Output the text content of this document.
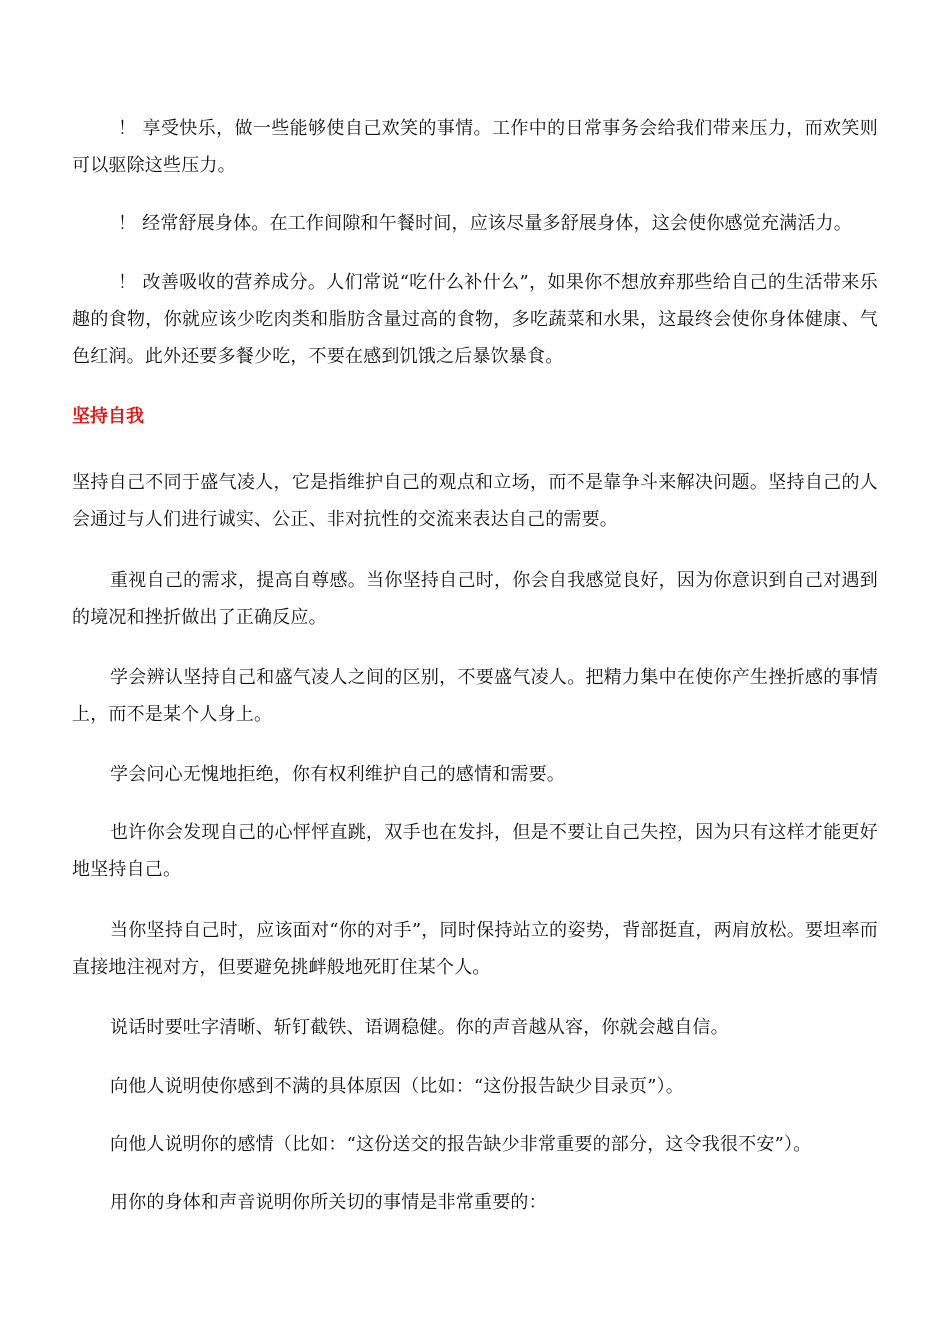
！ 享受快乐，做一些能够使自己欢笑的事情。工作中的日常事务会给我们带来压力，而欢笑则可以驱除这些压力。

！ 经常舒展身体。在工作间隙和午餐时间，应该尽量多舒展身体，这会使你感觉充满活力。

！ 改善吸收的营养成分。人们常说“吃什么补什么”，如果你不想放弃那些给自己的生活带来乐趣的食物，你就应该少吃肉类和脂肪含量过高的食物，多吃蔬菜和水果，这最终会使你身体健康、气色红润。此外还要多餐少吃，不要在感到饥饿之后暴饮暴食。

坚持自我

坚持自己不同于盛气凌人，它是指维护自己的观点和立场，而不是靠争斗来解决问题。坚持自己的人会通过与人们进行诚实、公正、非对抗性的交流来表达自己的需要。

重视自己的需求，提高自尊感。当你坚持自己时，你会自我感觉良好，因为你意识到自己对遇到的境况和挫折做出了正确反应。

学会辨认坚持自己和盛气凌人之间的区别，不要盛气凌人。把精力集中在使你产生挫折感的事情上，而不是某个人身上。

学会问心无愧地拒绝，你有权利维护自己的感情和需要。

也许你会发现自己的心怦怦直跳，双手也在发抖，但是不要让自己失控，因为只有这样才能更好地坚持自己。

当你坚持自己时，应该面对“你的对手”，同时保持站立的姿势，背部挺直，两肩放松。要坦率而直接地注视对方，但要避免挑衅般地死盯住某个人。

说话时要吐字清晰、斩钉截铁、语调稳健。你的声音越从容，你就会越自信。

向他人说明使你感到不满的具体原因（比如：“这份报告缺少目录页”）。

向他人说明你的感情（比如：“这份送交的报告缺少非常重要的部分，这令我很不安”）。

用你的身体和声音说明你所关切的事情是非常重要的：
